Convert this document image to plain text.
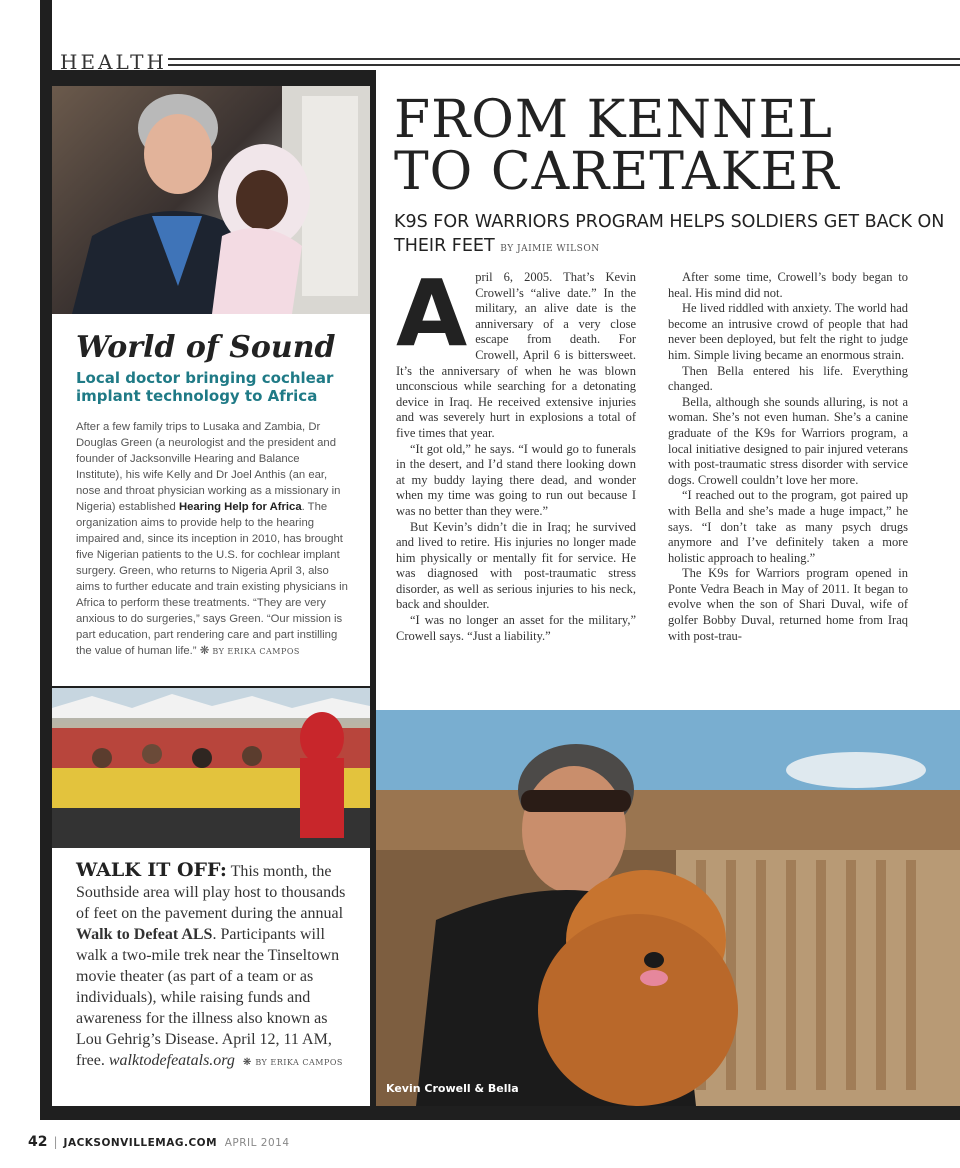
HEALTH
World of Sound
Local doctor bringing cochlear implant technology to Africa
After a few family trips to Lusaka and Zambia, Dr Douglas Green (a neurologist and the president and founder of Jacksonville Hearing and Balance Institute), his wife Kelly and Dr Joel Anthis (an ear, nose and throat physician working as a missionary in Nigeria) established Hearing Help for Africa. The organization aims to provide help to the hearing impaired and, since its inception in 2010, has brought five Nigerian patients to the U.S. for cochlear implant surgery. Green, who returns to Nigeria April 3, also aims to further educate and train existing physicians in Africa to perform these treatments. “They are very anxious to do surgeries,” says Green. “Our mission is part education, part rendering care and part instilling the value of human life.” ❋ BY ERIKA CAMPOS
WALK IT OFF: This month, the Southside area will play host to thousands of feet on the pavement during the annual Walk to Defeat ALS. Participants will walk a two-mile trek near the Tinseltown movie theater (as part of a team or as individuals), while raising funds and awareness for the illness also known as Lou Gehrig’s Disease. April 12, 11 AM, free. walktodefeatals.org ❋ BY ERIKA CAMPOS
FROM KENNEL
TO CARETAKER
K9S FOR WARRIORS PROGRAM HELPS SOLDIERS GET BACK ON THEIR FEET BY JAIMIE WILSON

April 6, 2005. That’s Kevin Crowell’s “alive date.” In the military, an alive date is the anniversary of a very close escape from death. For Crowell, April 6 is bittersweet. It’s the anniversary of when he was blown unconscious while searching for a detonating device in Iraq. He received extensive injuries and was severely hurt in explosions a total of five times that year.

“It got old,” he says. “I would go to funerals in the desert, and I’d stand there looking down at my buddy laying there dead, and wonder when my time was going to run out because I was no better than they were.”

But Kevin’s didn’t die in Iraq; he survived and lived to retire. His injuries no longer made him physically or mentally fit for service. He was diagnosed with post-traumatic stress disorder, as well as serious injuries to his neck, back and shoulder.

“I was no longer an asset for the military,” Crowell says. “Just a liability.”

After some time, Crowell’s body began to heal. His mind did not.

He lived riddled with anxiety. The world had become an intrusive crowd of people that had never been deployed, but felt the right to judge him. Simple living became an enormous strain.

Then Bella entered his life. Everything changed.

Bella, although she sounds alluring, is not a woman. She’s not even human. She’s a canine graduate of the K9s for Warriors program, a local initiative designed to pair injured veterans with post-traumatic stress disorder with service dogs. Crowell couldn’t love her more.

“I reached out to the program, got paired up with Bella and she’s made a huge impact,” he says. “I don’t take as many psych drugs anymore and I’ve definitely taken a more holistic approach to healing.”

The K9s for Warriors program opened in Ponte Vedra Beach in May of 2011. It began to evolve when the son of Shari Duval, wife of golfer Bobby Duval, returned home from Iraq with post-trau-

Kevin Crowell & Bella
42 | JACKSONVILLEMAG.COM APRIL 2014
